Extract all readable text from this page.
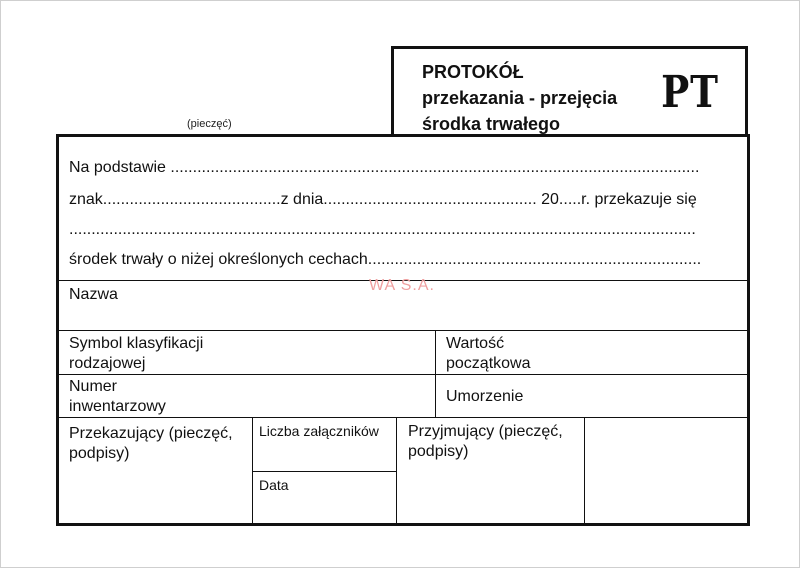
(pieczęć)
PROTOKÓŁ
przekazania - przejęcia
środka trwałego
PT
Na podstawie .......................................................................................................................
znak........................................z dnia................................................ 20.....r. przekazuje się
.............................................................................................................................................
środek trwały o niżej określonych cechach...........................................................................
Nazwa
WA S.A.
Symbol klasyfikacji
rodzajowej
Wartość
początkowa
Numer
inwentarzowy
Umorzenie
Przekazujący (pieczęć,
podpisy)
Liczba załączników
Data
Przyjmujący (pieczęć,
podpisy)
